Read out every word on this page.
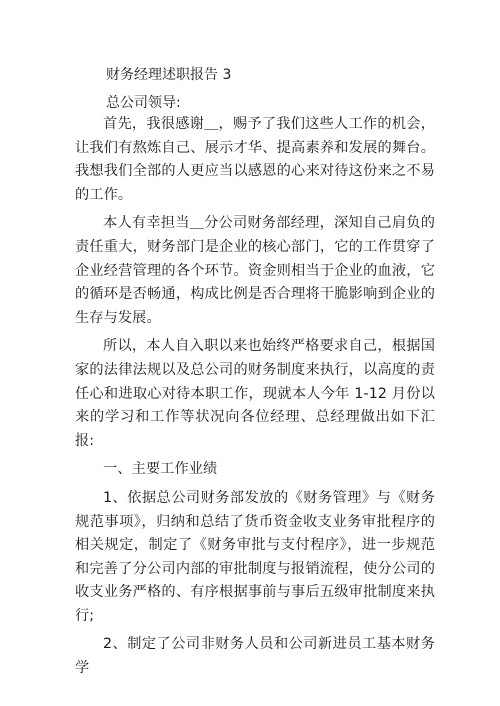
财务经理述职报告 3
总公司领导:

首先，我很感谢＿，赐予了我们这些人工作的机会，让我们有熬炼自己、展示才华、提高素养和发展的舞台。我想我们全部的人更应当以感恩的心来对待这份来之不易的工作。

本人有幸担当＿分公司财务部经理，深知自己肩负的责任重大，财务部门是企业的核心部门，它的工作贯穿了企业经营管理的各个环节。资金则相当于企业的血液，它的循环是否畅通，构成比例是否合理将干脆影响到企业的生存与发展。

所以，本人自入职以来也始终严格要求自己，根据国家的法律法规以及总公司的财务制度来执行，以高度的责任心和进取心对待本职工作，现就本人今年 1-12 月份以来的学习和工作等状况向各位经理、总经理做出如下汇报:

一、主要工作业绩

1、依据总公司财务部发放的《财务管理》与《财务规范事项》，归纳和总结了货币资金收支业务审批程序的相关规定，制定了《财务审批与支付程序》，进一步规范和完善了分公司内部的审批制度与报销流程，使分公司的收支业务严格的、有序根据事前与事后五级审批制度来执行;

2、制定了公司非财务人员和公司新进员工基本财务学
